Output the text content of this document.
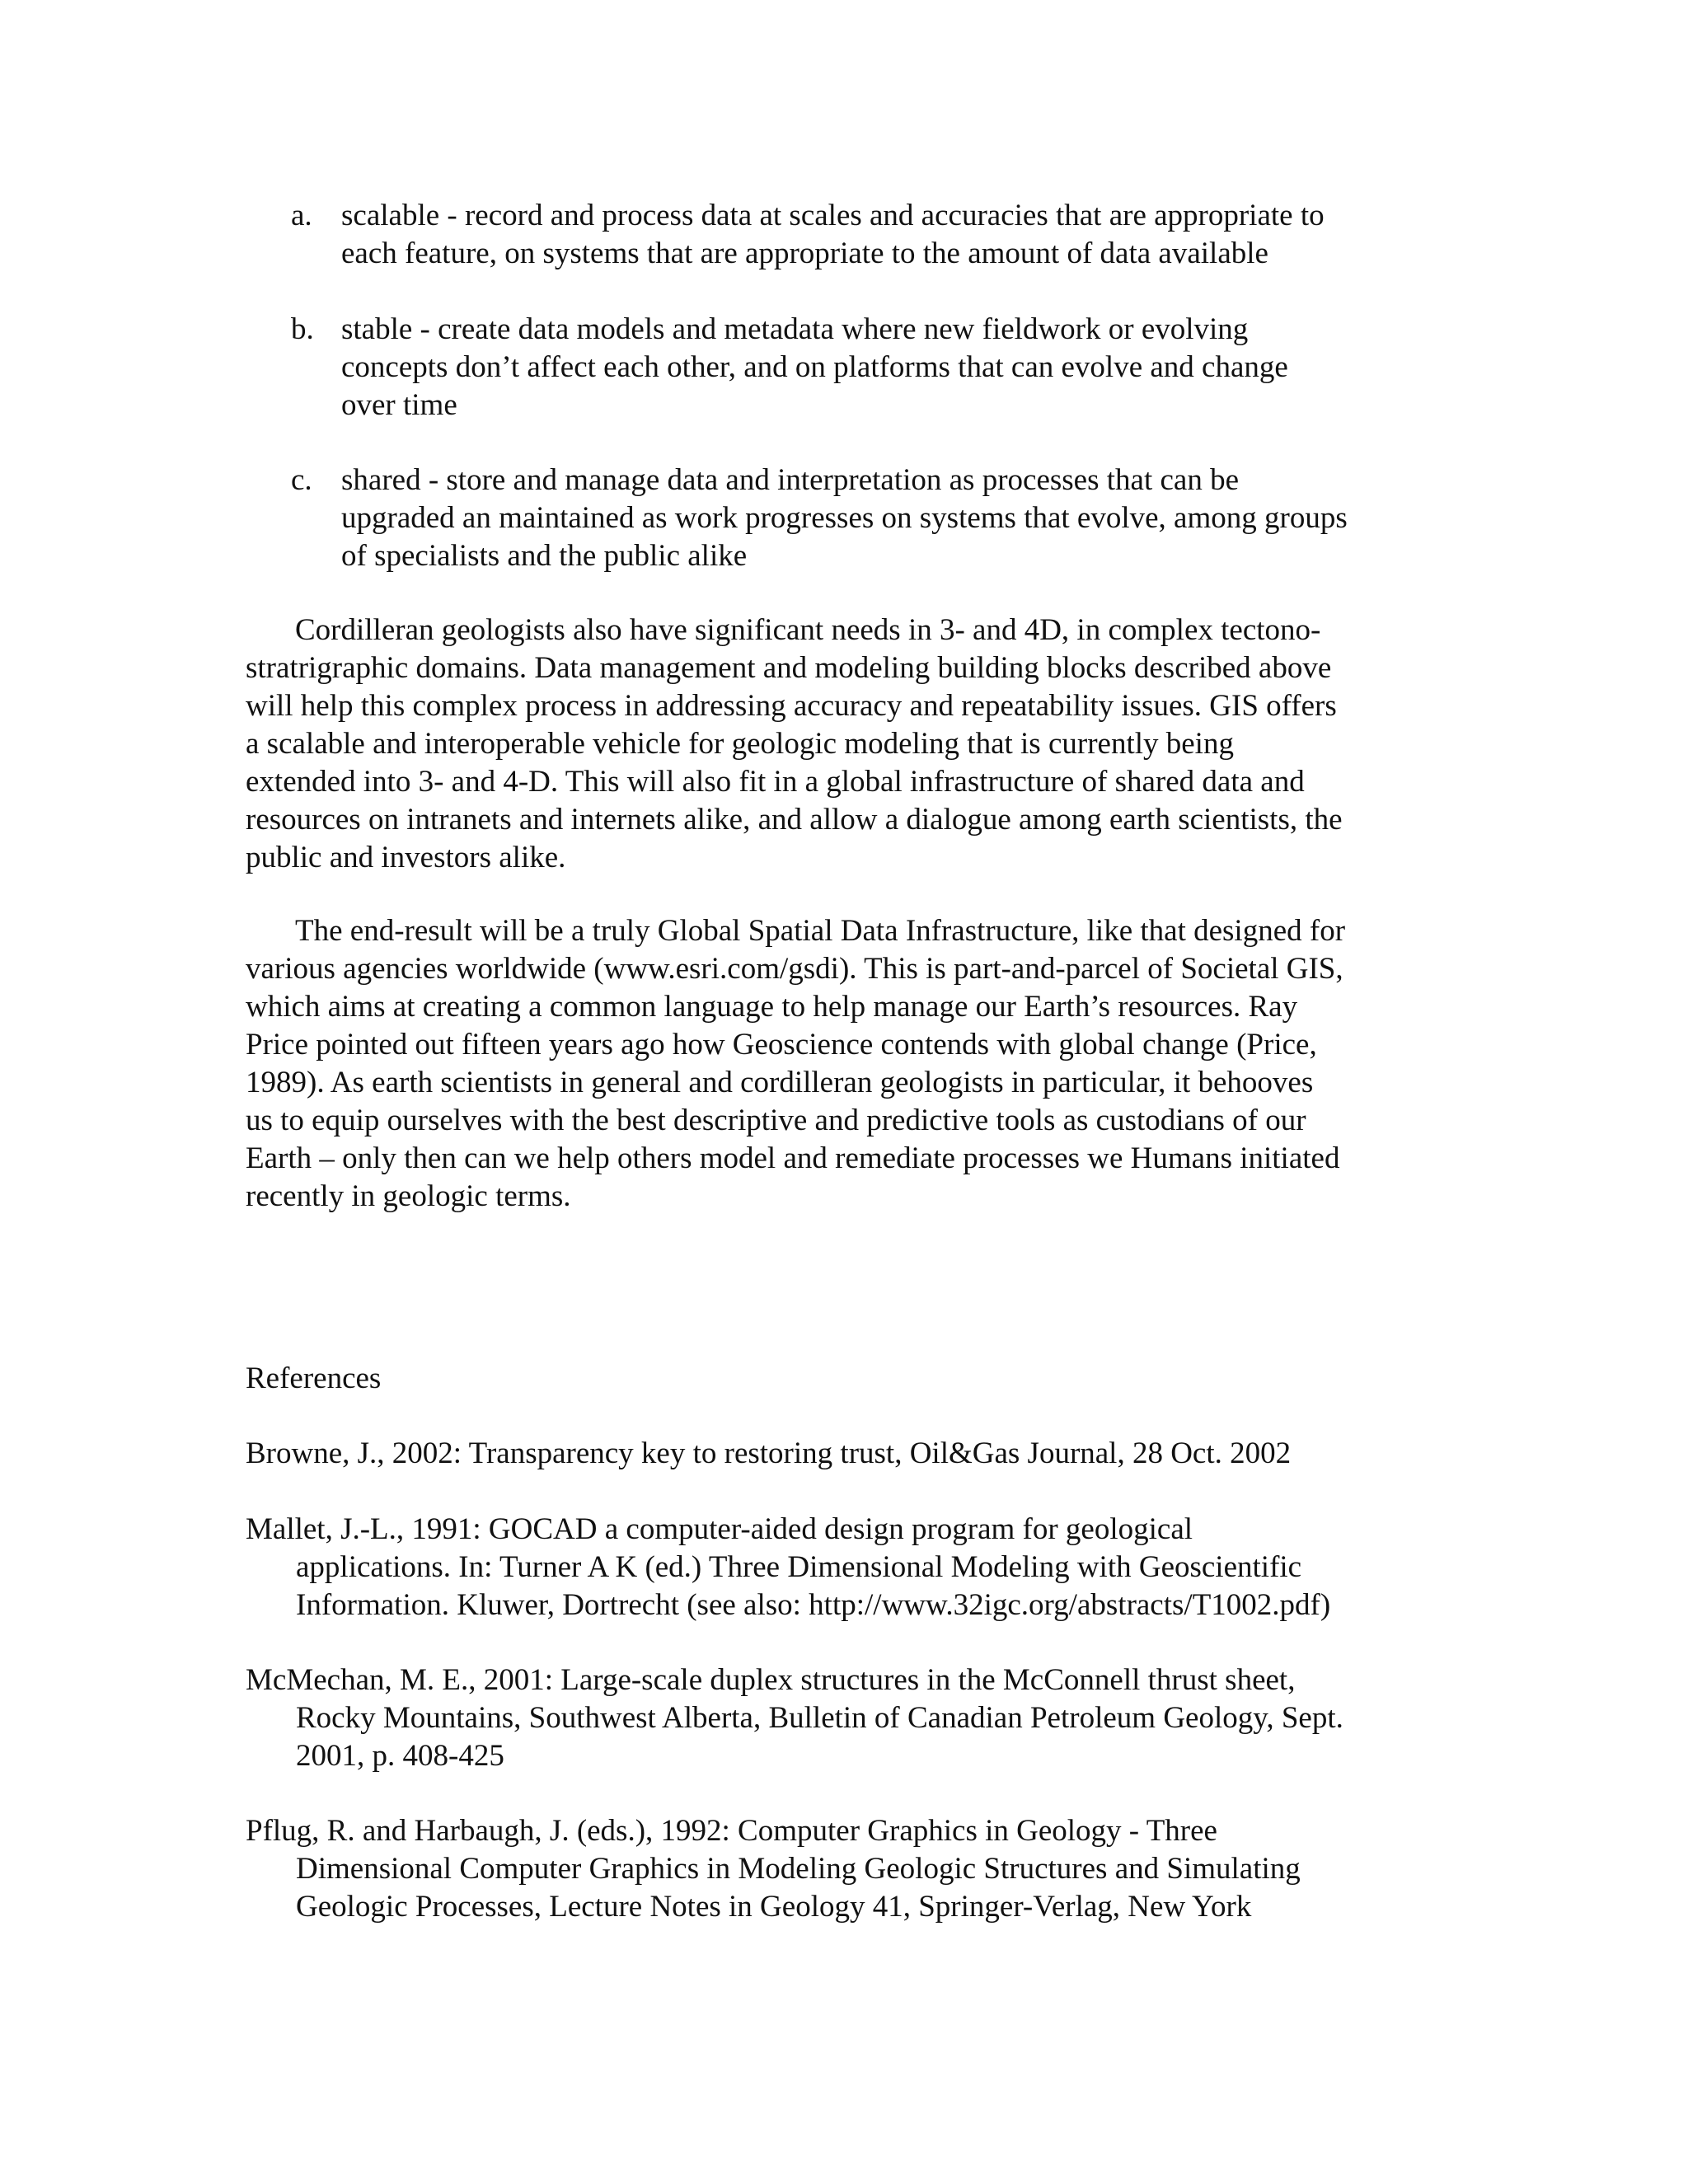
a. scalable - record and process data at scales and accuracies that are appropriate to
each feature, on systems that are appropriate to the amount of data available
b. stable - create data models and metadata where new fieldwork or evolving
concepts don’t affect each other, and on platforms that can evolve and change
over time
c. shared - store and manage data and interpretation as processes that can be
upgraded an maintained as work progresses on systems that evolve, among groups
of specialists and the public alike
Cordilleran geologists also have significant needs in 3- and 4D, in complex tectono-
stratrigraphic domains. Data management and modeling building blocks described above
will help this complex process in addressing accuracy and repeatability issues. GIS offers
a scalable and interoperable vehicle for geologic modeling that is currently being
extended into 3- and 4-D. This will also fit in a global infrastructure of shared data and
resources on intranets and internets alike, and allow a dialogue among earth scientists, the
public and investors alike.
The end-result will be a truly Global Spatial Data Infrastructure, like that designed for
various agencies worldwide (www.esri.com/gsdi). This is part-and-parcel of Societal GIS,
which aims at creating a common language to help manage our Earth’s resources. Ray
Price pointed out fifteen years ago how Geoscience contends with global change (Price,
1989). As earth scientists in general and cordilleran geologists in particular, it behooves
us to equip ourselves with the best descriptive and predictive tools as custodians of our
Earth – only then can we help others model and remediate processes we Humans initiated
recently in geologic terms.
References
Browne, J., 2002: Transparency key to restoring trust, Oil&Gas Journal, 28 Oct. 2002
Mallet, J.-L., 1991: GOCAD a computer-aided design program for geological
applications. In: Turner A K (ed.) Three Dimensional Modeling with Geoscientific
Information. Kluwer, Dortrecht (see also: http://www.32igc.org/abstracts/T1002.pdf)
McMechan, M. E., 2001: Large-scale duplex structures in the McConnell thrust sheet,
Rocky Mountains, Southwest Alberta, Bulletin of Canadian Petroleum Geology, Sept.
2001, p. 408-425
Pflug, R. and Harbaugh, J. (eds.), 1992: Computer Graphics in Geology - Three
Dimensional Computer Graphics in Modeling Geologic Structures and Simulating
Geologic Processes, Lecture Notes in Geology 41, Springer-Verlag, New York
